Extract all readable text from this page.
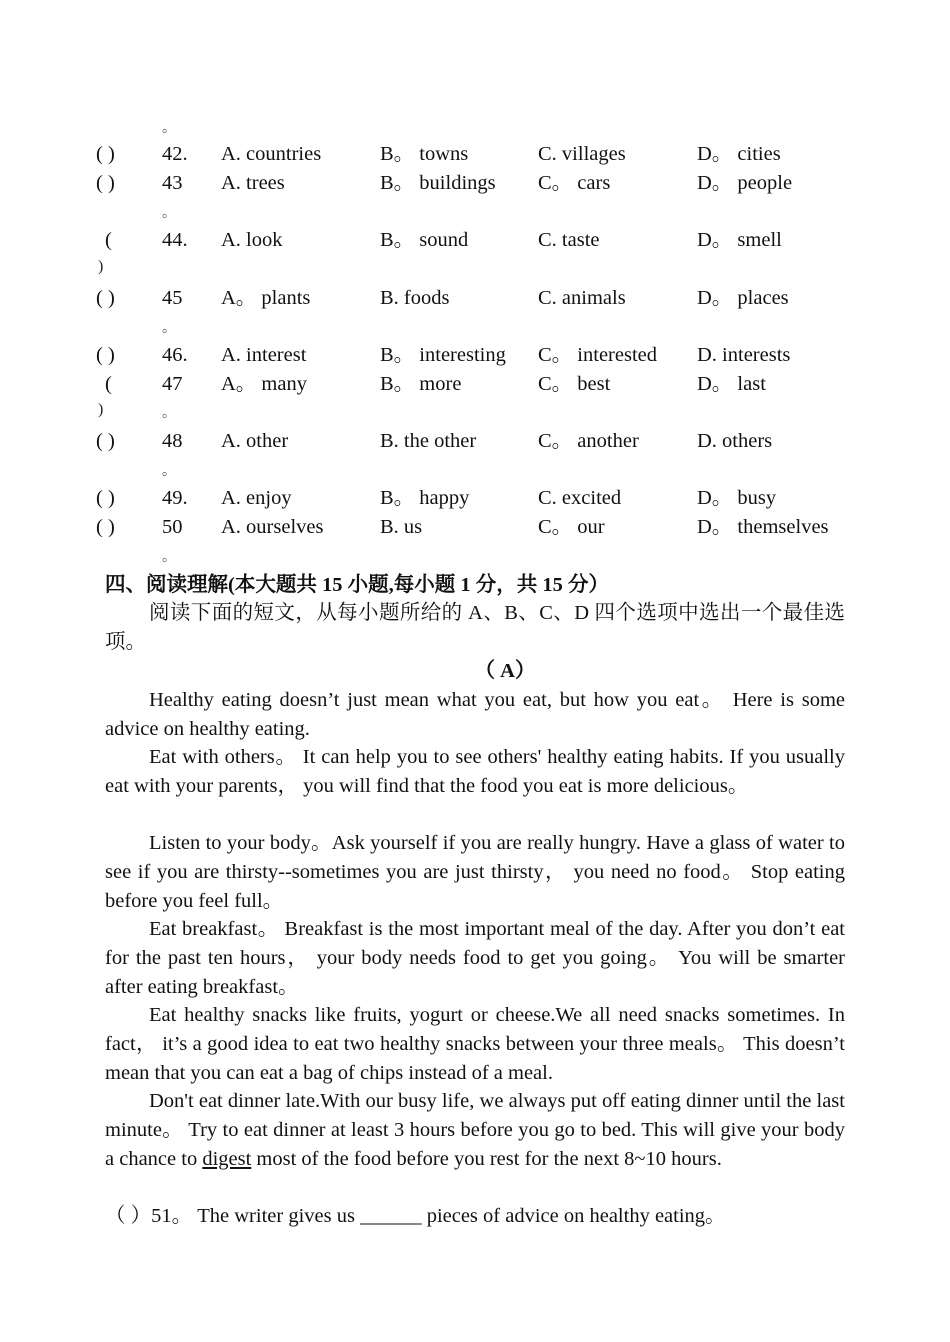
。
( ) 42. A. countries	B。 towns	C. villages	D。 cities
( ) 43 A. trees	B。 buildings C。 cars	D。 people
。
( 44. A. look	B。 sound	C. taste	D。 smell
)
( ) 45 A。 plants	B. foods	C. animals	D。 places
。
( ) 46. A. interest	B。 interesting C。 interested D. interests
( 47 A。 many	B。 more	C。 best	D。 last
)	。
( ) 48 A. other	B. the other	C。 another	D. others
。
( ) 49. A. enjoy	B。 happy	C. excited	D。 busy
( ) 50 A. ourselves	B. us	C。 our	D。 themselves
。
四、阅读理解(本大题共 15 小题,每小题 1 分，共 15 分）
阅读下面的短文，从每小题所给的 A、B、C、D 四个选项中选出一个最佳选项。
（ A）
Healthy eating doesn’t just mean what you eat, but how you eat。 Here is some advice on healthy eating.
Eat with others。 It can help you to see others' healthy eating habits. If you usually eat with your parents， you will find that the food you eat is more delicious。
Listen to your body。Ask yourself if you are really hungry. Have a glass of water to see if you are thirsty--sometimes you are just thirsty， you need no food。 Stop eating before you feel full。
Eat breakfast。 Breakfast is the most important meal of the day. After you don’t eat for the past ten hours， your body needs food to get you going。 You will be smarter after eating breakfast。
Eat healthy snacks like fruits, yogurt or cheese.We all need snacks sometimes. In fact， it’s a good idea to eat two healthy snacks between your three meals。 This doesn’t mean that you can eat a bag of chips instead of a meal.
Don't eat dinner late.With our busy life, we always put off eating dinner until the last minute。 Try to eat dinner at least 3 hours before you go to bed. This will give your body a chance to digest most of the food before you rest for the next 8~10 hours.
（ ）51。 The writer gives us ______ pieces of advice on healthy eating。
